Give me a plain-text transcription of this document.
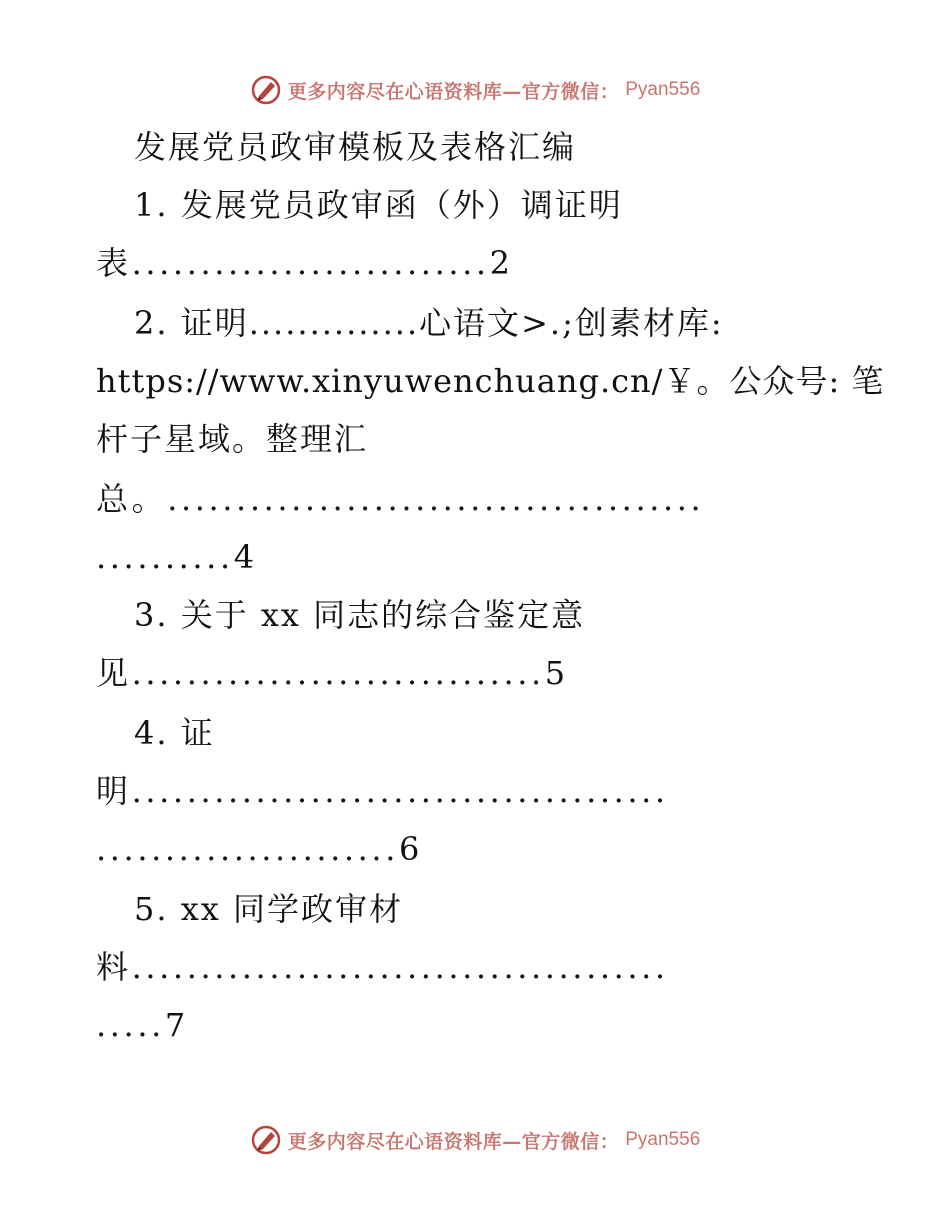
更多内容尽在心语资料库—官方微信： Pyan556
发展党员政审模板及表格汇编
1. 发展党员政审函（外）调证明
表..........................2
2. 证明..............心语文>.;创素材库:
https://www.xinyuwenchuang.cn/￥。公众号: 笔
杆子星域。整理汇
总。.......................................
..........4
3. 关于 xx 同志的综合鉴定意
见..............................5
4. 证
明.......................................
......................6
5. xx 同学政审材
料.......................................
.....7
更多内容尽在心语资料库—官方微信： Pyan556
